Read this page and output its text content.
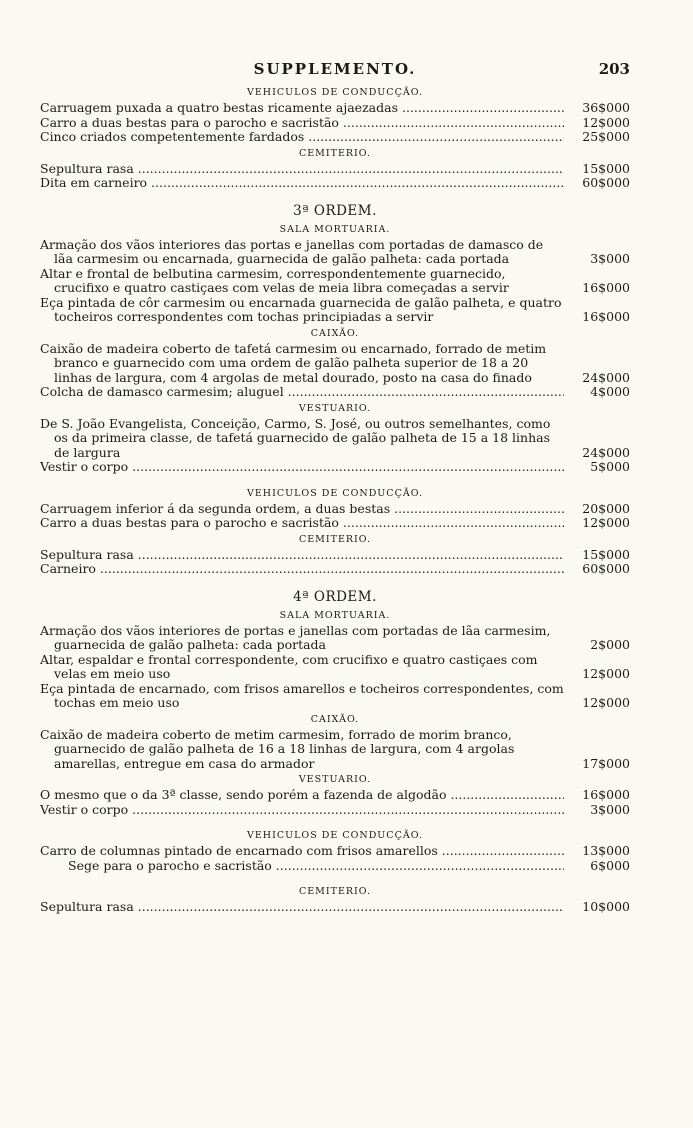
SUPPLEMENTO.	203
VEHICULOS DE CONDUCÇÃO.
Carruagem puxada a quatro bestas ricamente ajaezadas .....	36$000
Carro a duas bestas para o parocho e sacristão .....	12$000
Cinco criados competentemente fardados .....	25$000
CEMITERIO.
Sepultura rasa .....	15$000
Dita em carneiro .....	60$000
3ª ORDEM.
SALA MORTUARIA.
Armação dos vãos interiores das portas e janellas com portadas de damasco de lãa carmesim ou encarnada, guarnecida de galão palheta: cada portada	3$000
Altar e frontal de belbutina carmesim, correspondentemente guarnecido, crucifixo e quatro castiçaes com velas de meia libra começadas a servir	16$000
Eça pintada de côr carmesim ou encarnada guarnecida de galão palheta, e quatro tocheiros correspondentes com tochas principiadas a servir	16$000
CAIXÃO.
Caixão de madeira coberto de tafetá carmesim ou encarnado, forrado de metim branco e guarnecido com uma ordem de galão palheta superior de 18 a 20 linhas de largura, com 4 argolas de metal dourado, posto na casa do finado	24$000
Colcha de damasco carmesim; aluguel .....	4$000
VESTUARIO.
De S. João Evangelista, Conceição, Carmo, S. José, ou outros semelhantes, como os da primeira classe, de tafetá guarnecido de galão palheta de 15 a 18 linhas de largura	24$000
Vestir o corpo .....	5$000
VEHICULOS DE CONDUCÇÃO.
Carruagem inferior á da segunda ordem, a duas bestas .....	20$000
Carro a duas bestas para o parocho e sacristão .....	12$000
CEMITERIO.
Sepultura rasa .....	15$000
Carneiro .....	60$000
4ª ORDEM.
SALA MORTUARIA.
Armação dos vãos interiores de portas e janellas com portadas de lãa carmesim, guarnecida de galão palheta: cada portada	2$000
Altar, espaldar e frontal correspondente, com crucifixo e quatro castiçaes com velas em meio uso	12$000
Eça pintada de encarnado, com frisos amarellos e tocheiros correspondentes, com tochas em meio uso	12$000
CAIXÃO.
Caixão de madeira coberto de metim carmesim, forrado de morim branco, guarnecido de galão palheta de 16 a 18 linhas de largura, com 4 argolas amarellas, entregue em casa do armador	17$000
VESTUARIO.
O mesmo que o da 3ª classe, sendo porém a fazenda de algodão .....	16$000
Vestir o corpo .....	3$000
VEHICULOS DE CONDUCÇÃO.
Carro de columnas pintado de encarnado com frisos amarellos .....	13$000
Sege para o parocho e sacristão .....	6$000
CEMITERIO.
Sepultura rasa .....	10$000
